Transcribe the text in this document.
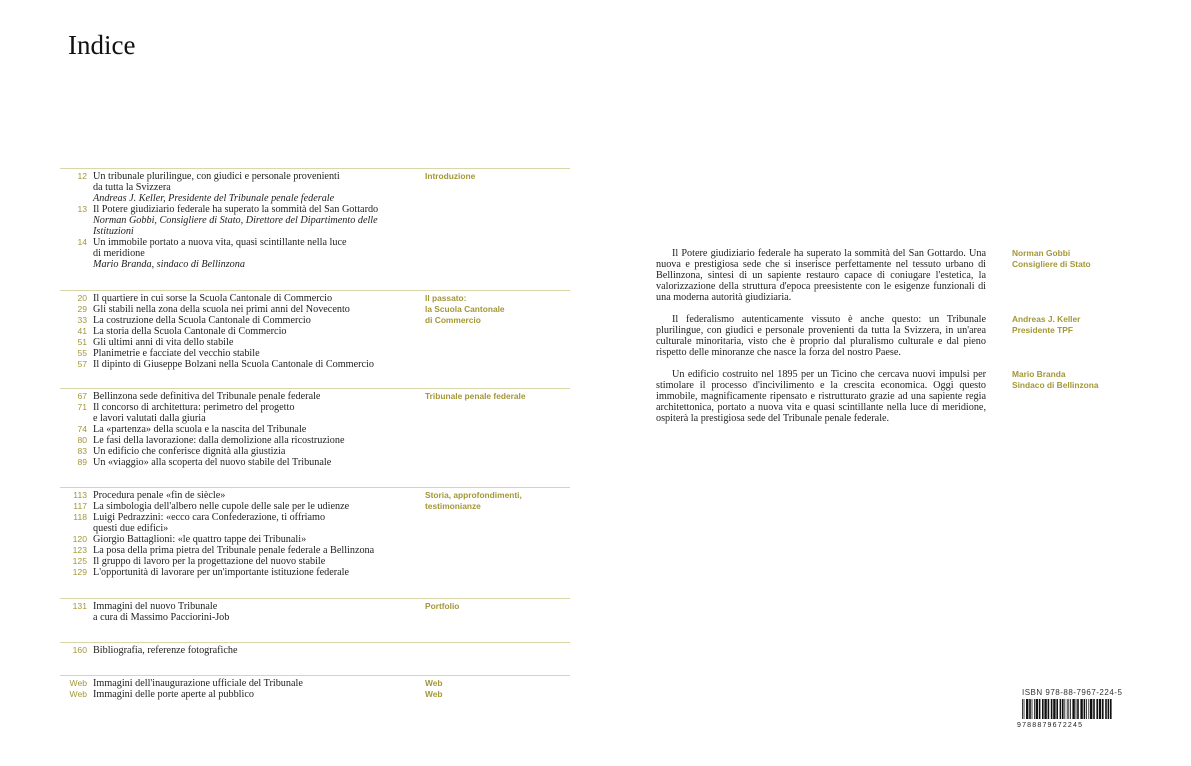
Indice
12 Un tribunale plurilingue, con giudici e personale provenienti
da tutta la Svizzera
Andreas J. Keller, Presidente del Tribunale penale federale
13 Il Potere giudiziario federale ha superato la sommità del San Gottardo
Norman Gobbi, Consigliere di Stato, Direttore del Dipartimento delle
Istituzioni
14 Un immobile portato a nuova vita, quasi scintillante nella luce
di meridione
Mario Branda, sindaco di Bellinzona
Introduzione
20 Il quartiere in cui sorse la Scuola Cantonale di Commercio
29 Gli stabili nella zona della scuola nei primi anni del Novecento
33 La costruzione della Scuola Cantonale di Commercio
41 La storia della Scuola Cantonale di Commercio
51 Gli ultimi anni di vita dello stabile
55 Planimetrie e facciate del vecchio stabile
57 Il dipinto di Giuseppe Bolzani nella Scuola Cantonale di Commercio
Il passato:
la Scuola Cantonale
di Commercio
67 Bellinzona sede definitiva del Tribunale penale federale
71 Il concorso di architettura: perimetro del progetto
e lavori valutati dalla giuria
74 La «partenza» della scuola e la nascita del Tribunale
80 Le fasi della lavorazione: dalla demolizione alla ricostruzione
83 Un edificio che conferisce dignità alla giustizia
89 Un «viaggio» alla scoperta del nuovo stabile del Tribunale
Tribunale penale federale
113 Procedura penale «fin de siècle»
117 La simbologia dell'albero nelle cupole delle sale per le udienze
118 Luigi Pedrazzini: «ecco cara Confederazione, ti offriamo
questi due edifici»
120 Giorgio Battaglioni: «le quattro tappe dei Tribunali»
123 La posa della prima pietra del Tribunale penale federale a Bellinzona
125 Il gruppo di lavoro per la progettazione del nuovo stabile
129 L'opportunità di lavorare per un'importante istituzione federale
Storia, approfondimenti,
testimonianze
131 Immagini del nuovo Tribunale
a cura di Massimo Pacciorini-Job
Portfolio
160 Bibliografia, referenze fotografiche
Web Immagini dell'inaugurazione ufficiale del Tribunale
Web Immagini delle porte aperte al pubblico
Web
Web

Il Potere giudiziario federale ha superato la sommità del San Gottardo. Una nuova e prestigiosa sede che si inserisce perfettamente nel tessuto urbano di Bellinzona, sintesi di un sapiente restauro capace di coniugare l'estetica, la valorizzazione della struttura d'epoca preesistente con le esigenze funzionali di una moderna autorità giudiziaria.

Il federalismo autenticamente vissuto è anche questo: un Tribunale plurilingue, con giudici e personale provenienti da tutta la Svizzera, in un'area culturale minoritaria, visto che è proprio dal pluralismo culturale e dal pieno rispetto delle minoranze che nasce la forza del nostro Paese.

Un edificio costruito nel 1895 per un Ticino che cercava nuovi impulsi per stimolare il processo d'incivilimento e la crescita economica. Oggi questo immobile, magnificamente ripensato e ristrutturato grazie ad una sapiente regia architettonica, portato a nuova vita e quasi scintillante nella luce di meridione, ospiterà la prestigiosa sede del Tribunale penale federale.

ISBN 978-88-7967-224-5
9788879672245
Norman Gobbi
Consigliere di Stato
Andreas J. Keller
Presidente TPF
Mario Branda
Sindaco di Bellinzona
